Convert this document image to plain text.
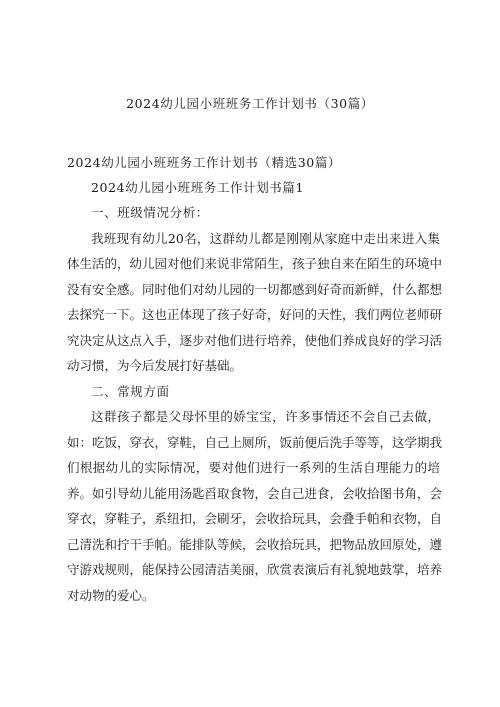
2024幼儿园小班班务工作计划书（30篇）
2024幼儿园小班班务工作计划书（精选30篇）
2024幼儿园小班班务工作计划书篇1
一、班级情况分析：
我班现有幼儿20名，这群幼儿都是刚刚从家庭中走出来进入集
体生活的，幼儿园对他们来说非常陌生，孩子独自来在陌生的环境中
没有安全感。同时他们对幼儿园的一切都感到好奇而新鲜，什么都想
去探究一下。这也正体现了孩子好奇，好问的天性，我们两位老师研
究决定从这点入手，逐步对他们进行培养，使他们养成良好的学习活
动习惯，为今后发展打好基础。
二、常规方面
这群孩子都是父母怀里的娇宝宝，许多事情还不会自己去做，
如：吃饭，穿衣，穿鞋，自己上厕所，饭前便后洗手等等，这学期我
们根据幼儿的实际情况，要对他们进行一系列的生活自理能力的培
养。如引导幼儿能用汤匙舀取食物，会自己进食，会收拾图书角，会
穿衣，穿鞋子，系纽扣，会刷牙，会收拾玩具，会叠手帕和衣物，自
己清洗和拧干手帕。能排队等候，会收拾玩具，把物品放回原处，遵
守游戏规则，能保持公园清洁美丽，欣赏表演后有礼貌地鼓掌，培养
对动物的爱心。
